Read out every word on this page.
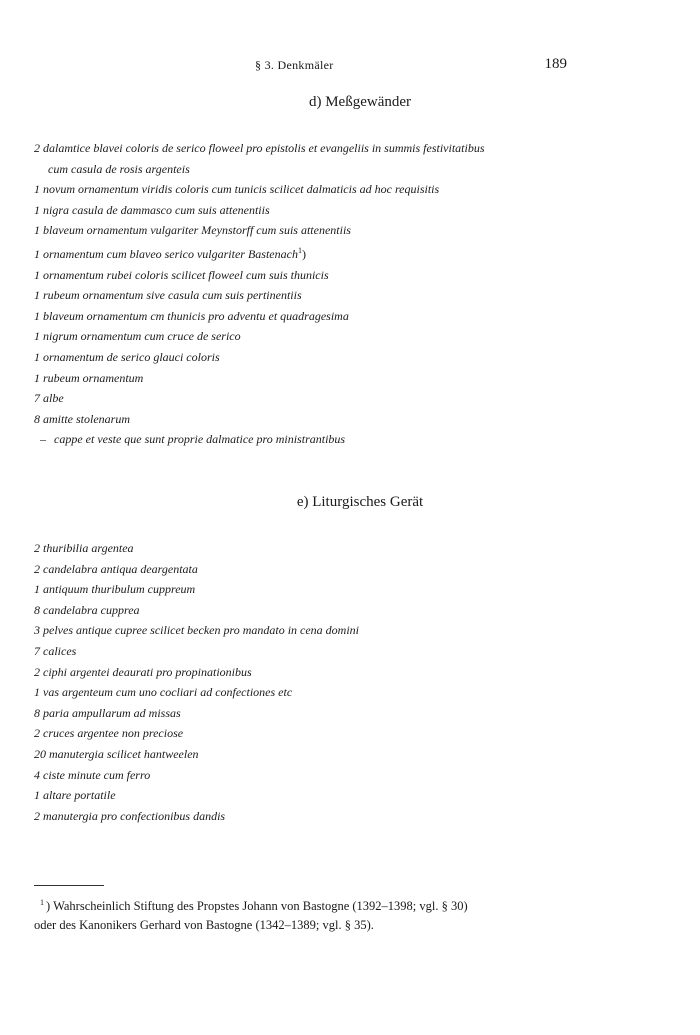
§ 3. Denkmäler	189
d) Meßgewänder
2 dalamtice blavei coloris de serico floweel pro epistolis et evangeliis in summis festivitatibus
cum casula de rosis argenteis
1 novum ornamentum viridis coloris cum tunicis scilicet dalmaticis ad hoc requisitis
1 nigra casula de dammasco cum suis attenentiis
1 blaveum ornamentum vulgariter Meynstorff cum suis attenentiis
1 ornamentum cum blaveo serico vulgariter Bastenach$^1$)
1 ornamentum rubei coloris scilicet floweel cum suis thunicis
1 rubeum ornamentum sive casula cum suis pertinentiis
1 blaveum ornamentum cm thunicis pro adventu et quadragesima
1 nigrum ornamentum cum cruce de serico
1 ornamentum de serico glauci coloris
1 rubeum ornamentum
7 albe
8 amitte stolenarum
– cappe et veste que sunt proprie dalmatice pro ministrantibus
e) Liturgisches Gerät
2 thuribilia argentea
2 candelabra antiqua deargentata
1 antiquum thuribulum cuppreum
8 candelabra cupprea
3 pelves antique cupree scilicet becken pro mandato in cena domini
7 calices
2 ciphi argentei deaurati pro propinationibus
1 vas argenteum cum uno cocliari ad confectiones etc
8 paria ampullarum ad missas
2 cruces argentee non preciose
20 manutergia scilicet hantweelen
4 ciste minute cum ferro
1 altare portatile
2 manutergia pro confectionibus dandis
$^1$ ) Wahrscheinlich Stiftung des Propstes Johann von Bastogne (1392–1398; vgl. § 30)
oder des Kanonikers Gerhard von Bastogne (1342–1389; vgl. § 35).
